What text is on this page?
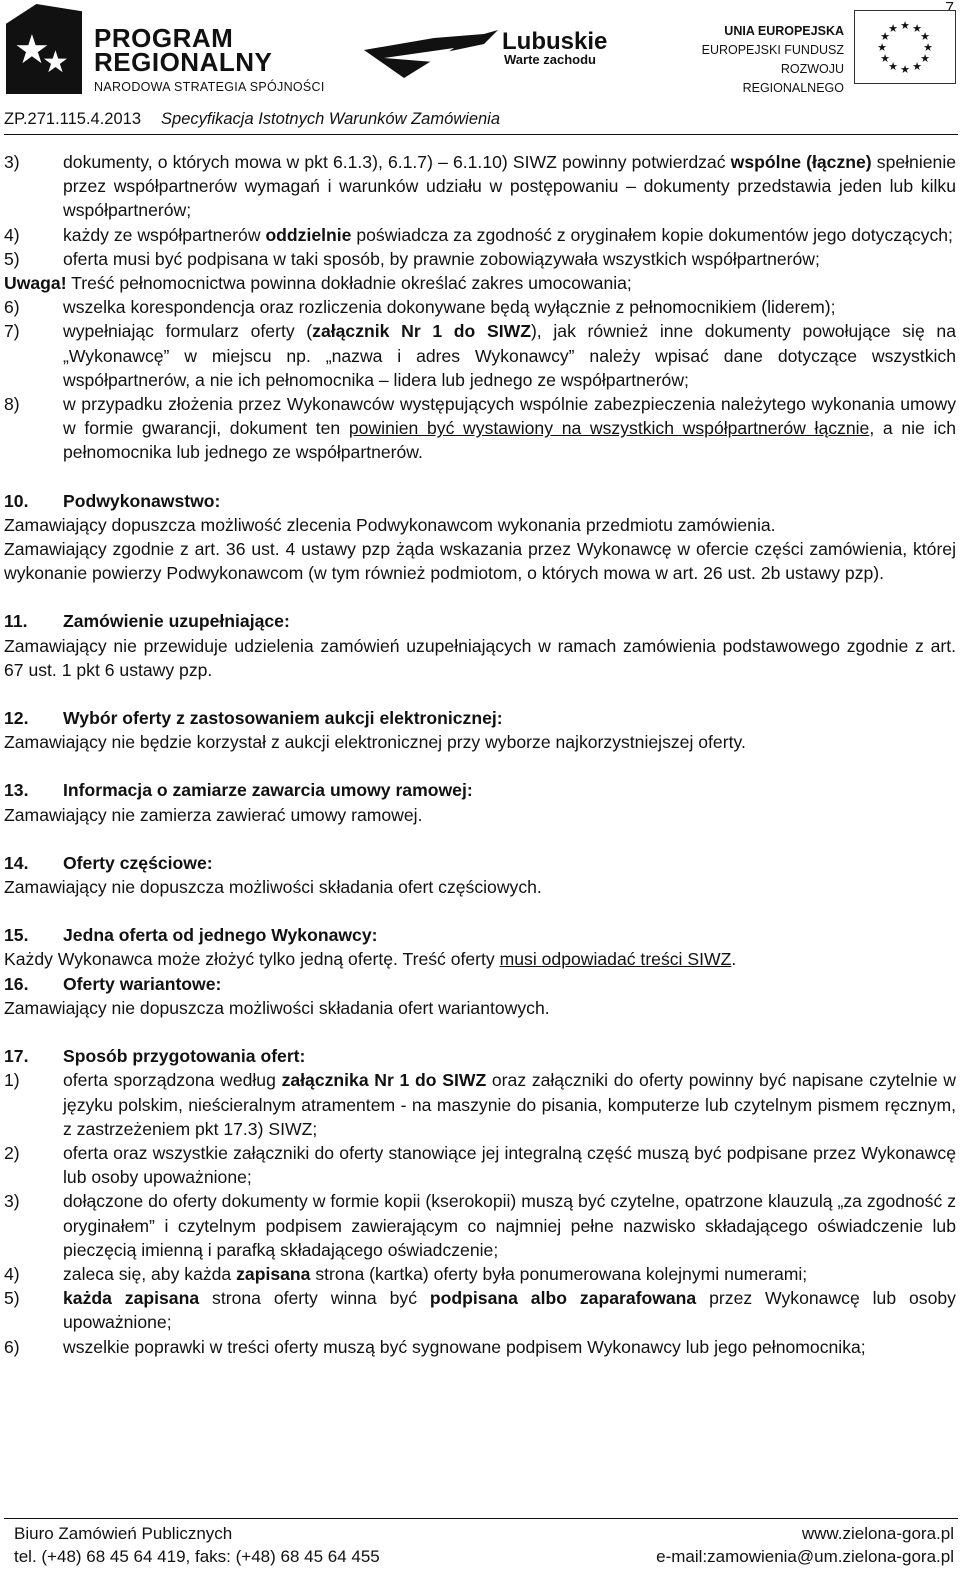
7
★
★
PROGRAM
REGIONALNY
NARODOWA STRATEGIA SPÓJNOŚCI
Lubuskie
Warte zachodu
UNIA EUROPEJSKA
EUROPEJSKI FUNDUSZ
ROZWOJU REGIONALNEGO
★ ★
★
★
★
★
★
★
★
★
★
★
ZP.271.115.4.2013 Specyfikacja Istotnych Warunków Zamówienia
3)	dokumenty, o których mowa w pkt 6.1.3), 6.1.7) – 6.1.10) SIWZ powinny potwierdzać wspólne (łączne) spełnienie przez współpartnerów wymagań i warunków udziału w postępowaniu – dokumenty przedstawia jeden lub kilku współpartnerów;
4)	każdy ze współpartnerów oddzielnie poświadcza za zgodność z oryginałem kopie dokumentów jego dotyczących;
5)	oferta musi być podpisana w taki sposób, by prawnie zobowiązywała wszystkich współpartnerów;

Uwaga! Treść pełnomocnictwa powinna dokładnie określać zakres umocowania;

6)	wszelka korespondencja oraz rozliczenia dokonywane będą wyłącznie z pełnomocnikiem (liderem);
7)	wypełniając formularz oferty (załącznik Nr 1 do SIWZ), jak również inne dokumenty powołujące się na „Wykonawcę” w miejscu np. „nazwa i adres Wykonawcy” należy wpisać dane dotyczące wszystkich współpartnerów, a nie ich pełnomocnika – lidera lub jednego ze współpartnerów;
8)	w przypadku złożenia przez Wykonawców występujących wspólnie zabezpieczenia należytego wykonania umowy w formie gwarancji, dokument ten powinien być wystawiony na wszystkich współpartnerów łącznie, a nie ich pełnomocnika lub jednego ze współpartnerów.
10.	Podwykonawstwo:

Zamawiający dopuszcza możliwość zlecenia Podwykonawcom wykonania przedmiotu zamówienia.

Zamawiający zgodnie z art. 36 ust. 4 ustawy pzp żąda wskazania przez Wykonawcę w ofercie części zamówienia, której wykonanie powierzy Podwykonawcom (w tym również podmiotom, o których mowa w art. 26 ust. 2b ustawy pzp).

11.	Zamówienie uzupełniające:

Zamawiający nie przewiduje udzielenia zamówień uzupełniających w ramach zamówienia podstawowego zgodnie z art. 67 ust. 1 pkt 6 ustawy pzp.

12.	Wybór oferty z zastosowaniem aukcji elektronicznej:

Zamawiający nie będzie korzystał z aukcji elektronicznej przy wyborze najkorzystniejszej oferty.

13.	Informacja o zamiarze zawarcia umowy ramowej:

Zamawiający nie zamierza zawierać umowy ramowej.

14.	Oferty częściowe:

Zamawiający nie dopuszcza możliwości składania ofert częściowych.

15.	Jedna oferta od jednego Wykonawcy:

Każdy Wykonawca może złożyć tylko jedną ofertę. Treść oferty musi odpowiadać treści SIWZ.

16.	Oferty wariantowe:

Zamawiający nie dopuszcza możliwości składania ofert wariantowych.

17.	Sposób przygotowania ofert:
1)	oferta sporządzona według załącznika Nr 1 do SIWZ oraz załączniki do oferty powinny być napisane czytelnie w języku polskim, nieścieralnym atramentem - na maszynie do pisania, komputerze lub czytelnym pismem ręcznym, z zastrzeżeniem pkt 17.3) SIWZ;
2)	oferta oraz wszystkie załączniki do oferty stanowiące jej integralną część muszą być podpisane przez Wykonawcę lub osoby upoważnione;
3)	dołączone do oferty dokumenty w formie kopii (kserokopii) muszą być czytelne, opatrzone klauzulą „za zgodność z oryginałem” i czytelnym podpisem zawierającym co najmniej pełne nazwisko składającego oświadczenie lub pieczęcią imienną i parafką składającego oświadczenie;
4)	zaleca się, aby każda zapisana strona (kartka) oferty była ponumerowana kolejnymi numerami;
5)	każda zapisana strona oferty winna być podpisana albo zaparafowana przez Wykonawcę lub osoby upoważnione;
6)	wszelkie poprawki w treści oferty muszą być sygnowane podpisem Wykonawcy lub jego pełnomocnika;
Biuro Zamówień Publicznych
tel. (+48) 68 45 64 419, faks: (+48) 68 45 64 455
www.zielona-gora.pl
e-mail:zamowienia@um.zielona-gora.pl
